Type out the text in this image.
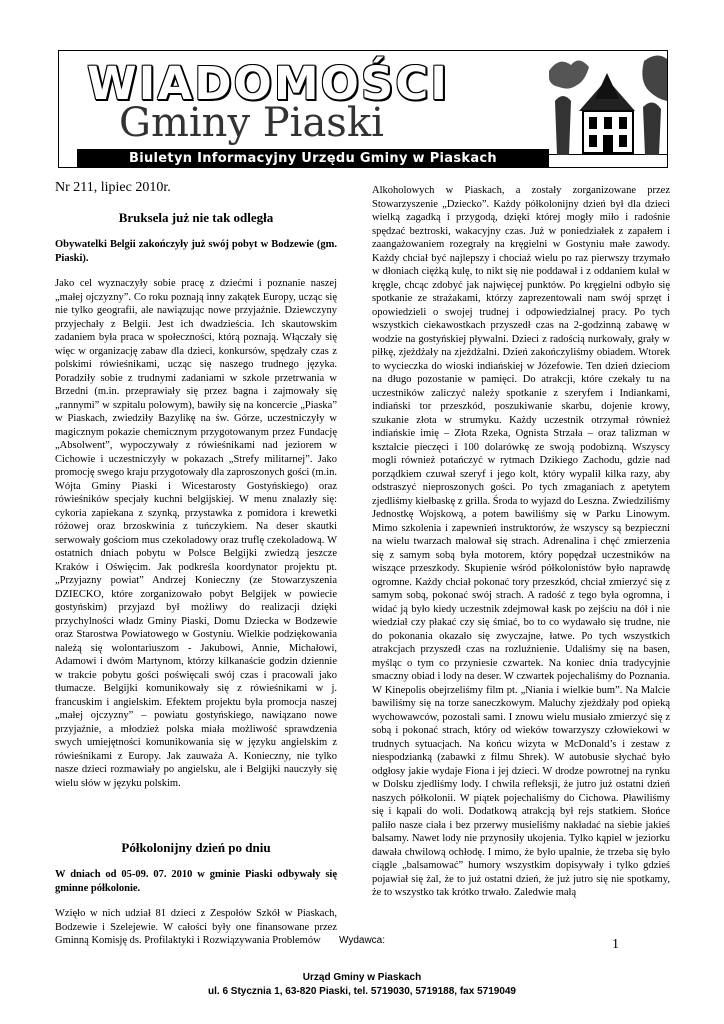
WIADOMOŚCI
Gminy Piaski
Biuletyn Informacyjny Urzędu Gminy w Piaskach
Nr 211, lipiec 2010r.
Bruksela już nie tak odległa

Obywatelki Belgii zakończyły już swój pobyt w Bodzewie (gm. Piaski).

Jako cel wyznaczyły sobie pracę z dziećmi i poznanie naszej „małej ojczyzny”. Co roku poznają inny zakątek Europy, ucząc się nie tylko geografii, ale nawiązując nowe przyjaźnie. Dziewczyny przyjechały z Belgii. Jest ich dwadzieścia. Ich skautowskim zadaniem była praca w społeczności, którą poznają. Włączały się więc w organizację zabaw dla dzieci, konkursów, spędzały czas z polskimi rówieśnikami, ucząc się naszego trudnego języka. Poradziły sobie z trudnymi zadaniami w szkole przetrwania w Brzedni (m.in. przeprawiały się przez bagna i zajmowały się „rannymi” w szpitalu polowym), bawiły się na koncercie „Piaska” w Piaskach, zwiedziły Bazylikę na św. Górze, uczestniczyły w magicznym pokazie chemicznym przygotowanym przez Fundację „Absolwent”, wypoczywały z rówieśnikami nad jeziorem w Cichowie i uczestniczyły w pokazach „Strefy militarnej”. Jako promocję swego kraju przygotowały dla zaproszonych gości (m.in. Wójta Gminy Piaski i Wicestarosty Gostyńskiego) oraz rówieśników specjały kuchni belgijskiej. W menu znalazły się: cykoria zapiekana z szynką, przystawka z pomidora i krewetki różowej oraz brzoskwinia z tuńczykiem. Na deser skautki serwowały gościom mus czekoladowy oraz truflę czekoladową. W ostatnich dniach pobytu w Polsce Belgijki zwiedzą jeszcze Kraków i Oświęcim. Jak podkreśla koordynator projektu pt. „Przyjazny powiat” Andrzej Konieczny (ze Stowarzyszenia DZIECKO, które zorganizowało pobyt Belgijek w powiecie gostyńskim) przyjazd był możliwy do realizacji dzięki przychylności władz Gminy Piaski, Domu Dziecka w Bodzewie oraz Starostwa Powiatowego w Gostyniu. Wielkie podziękowania należą się wolontariuszom - Jakubowi, Annie, Michałowi, Adamowi i dwóm Martynom, którzy kilkanaście godzin dziennie w trakcie pobytu gości poświęcali swój czas i pracowali jako tłumacze. Belgijki komunikowały się z rówieśnikami w j. francuskim i angielskim. Efektem projektu była promocja naszej „małej ojczyzny” – powiatu gostyńskiego, nawiązano nowe przyjaźnie, a młodzież polska miała możliwość sprawdzenia swych umiejętności komunikowania się w języku angielskim z rówieśnikami z Europy. Jak zauważa A. Konieczny, nie tylko nasze dzieci rozmawiały po angielsku, ale i Belgijki nauczyły się wielu słów w języku polskim.

Półkolonijny dzień po dniu

W dniach od 05-09. 07. 2010 w gminie Piaski odbywały się gminne półkolonie.

Wzięło w nich udział 81 dzieci z Zespołów Szkół w Piaskach, Bodzewie i Szelejewie. W całości były one finansowane przez Gminną Komisję ds. Profilaktyki i Rozwiązywania Problemów

Alkoholowych w Piaskach, a zostały zorganizowane przez Stowarzyszenie „Dziecko”. Każdy półkolonijny dzień był dla dzieci wielką zagadką i przygodą, dzięki której mogły miło i radośnie spędzać beztroski, wakacyjny czas. Już w poniedziałek z zapałem i zaangażowaniem rozegrały na kręgielni w Gostyniu małe zawody. Każdy chciał być najlepszy i chociaż wielu po raz pierwszy trzymało w dłoniach ciężką kulę, to nikt się nie poddawał i z oddaniem kulał w kręgle, chcąc zdobyć jak najwięcej punktów. Po kręgielni odbyło się spotkanie ze strażakami, którzy zaprezentowali nam swój sprzęt i opowiedzieli o swojej trudnej i odpowiedzialnej pracy. Po tych wszystkich ciekawostkach przyszedł czas na 2-godzinną zabawę w wodzie na gostyńskiej pływalni. Dzieci z radością nurkowały, grały w piłkę, zjeżdżały na zjeżdżalni. Dzień zakończyliśmy obiadem. Wtorek to wycieczka do wioski indiańskiej w Józefowie. Ten dzień dzieciom na długo pozostanie w pamięci. Do atrakcji, które czekały tu na uczestników zaliczyć należy spotkanie z szeryfem i Indiankami, indiański tor przeszkód, poszukiwanie skarbu, dojenie krowy, szukanie złota w strumyku. Każdy uczestnik otrzymał również indiańskie imię – Złota Rzeka, Ognista Strzała – oraz talizman w kształcie pieczęci i 100 dolarówkę ze swoją podobizną. Wszyscy mogli również potańczyć w rytmach Dzikiego Zachodu, gdzie nad porządkiem czuwał szeryf i jego kolt, który wypalił kilka razy, aby odstraszyć nieproszonych gości. Po tych zmaganiach z apetytem zjedliśmy kiełbaskę z grilla. Środa to wyjazd do Leszna. Zwiedziliśmy Jednostkę Wojskową, a potem bawiliśmy się w Parku Linowym. Mimo szkolenia i zapewnień instruktorów, że wszyscy są bezpieczni na wielu twarzach malował się strach. Adrenalina i chęć zmierzenia się z samym sobą była motorem, który popędzał uczestników na wiszące przeszkody. Skupienie wśród półkolonistów było naprawdę ogromne. Każdy chciał pokonać tory przeszkód, chciał zmierzyć się z samym sobą, pokonać swój strach. A radość z tego była ogromna, i widać ją było kiedy uczestnik zdejmował kask po zejściu na dół i nie wiedział czy płakać czy się śmiać, bo to co wydawało się trudne, nie do pokonania okazało się zwyczajne, łatwe. Po tych wszystkich atrakcjach przyszedł czas na rozluźnienie. Udaliśmy się na basen, myśląc o tym co przyniesie czwartek. Na koniec dnia tradycyjnie smaczny obiad i lody na deser. W czwartek pojechaliśmy do Poznania. W Kinepolis obejrzeliśmy film pt. „Niania i wielkie bum”. Na Malcie bawiliśmy się na torze saneczkowym. Maluchy zjeżdżały pod opieką wychowawców, pozostali sami. I znowu wielu musiało zmierzyć się z sobą i pokonać strach, który od wieków towarzyszy człowiekowi w trudnych sytuacjach. Na końcu wizyta w McDonald’s i zestaw z niespodzianką (zabawki z filmu Shrek). W autobusie słychać było odgłosy jakie wydaje Fiona i jej dzieci. W drodze powrotnej na rynku w Dolsku zjedliśmy lody. I chwila refleksji, że jutro już ostatni dzień naszych półkolonii. W piątek pojechaliśmy do Cichowa. Pławiliśmy się i kąpali do woli. Dodatkową atrakcją był rejs statkiem. Słońce paliło nasze ciała i bez przerwy musieliśmy nakładać na siebie jakieś balsamy. Nawet lody nie przynosiły ukojenia. Tylko kąpiel w jeziorku dawała chwilową ochłodę. I mimo, że było upalnie, że trzeba się było ciągle „balsamować” humory wszystkim dopisywały i tylko gdzieś pojawiał się żal, że to już ostatni dzień, że już jutro się nie spotkamy, że to wszystko tak krótko trwało. Zaledwie małą

1
Wydawca:
Urząd Gminy w Piaskach
ul. 6 Stycznia 1, 63-820 Piaski, tel. 5719030, 5719188, fax 5719049
